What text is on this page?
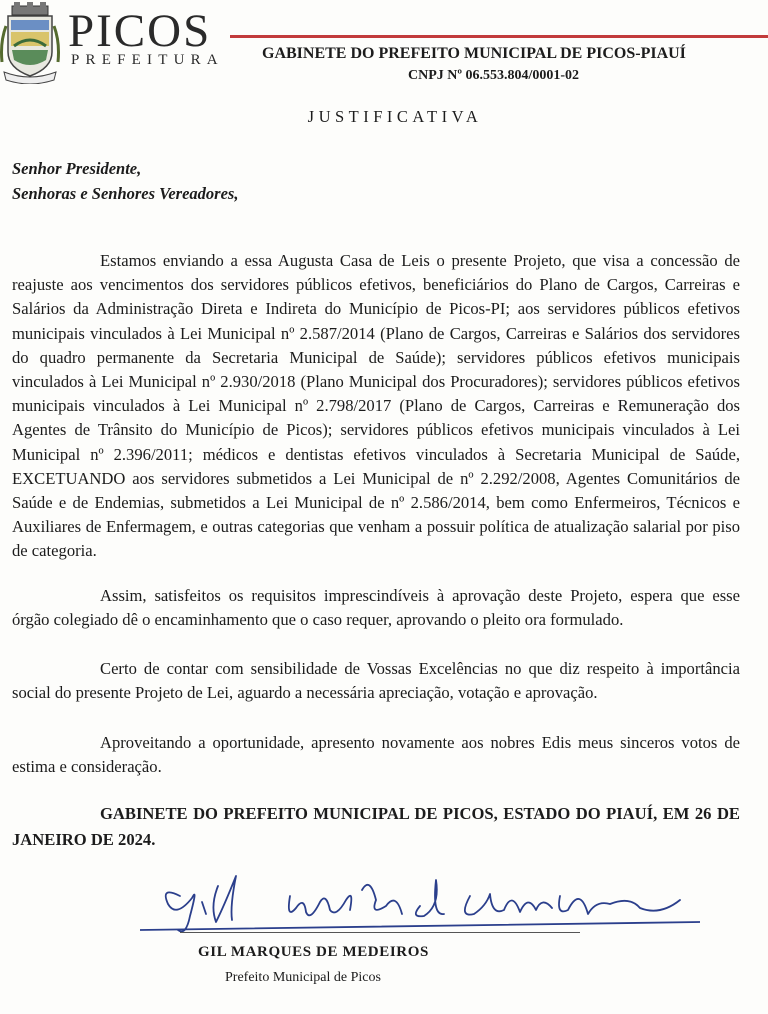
PICOS
PREFEITURA GABINETE DO PREFEITO MUNICIPAL DE PICOS-PIAUÍ
CNPJ Nº 06.553.804/0001-02
JUSTIFICATIVA
Senhor Presidente,
Senhoras e Senhores Vereadores,
Estamos enviando a essa Augusta Casa de Leis o presente Projeto, que visa a concessão de reajuste aos vencimentos dos servidores públicos efetivos, beneficiários do Plano de Cargos, Carreiras e Salários da Administração Direta e Indireta do Município de Picos-PI; aos servidores públicos efetivos municipais vinculados à Lei Municipal nº 2.587/2014 (Plano de Cargos, Carreiras e Salários dos servidores do quadro permanente da Secretaria Municipal de Saúde); servidores públicos efetivos municipais vinculados à Lei Municipal nº 2.930/2018 (Plano Municipal dos Procuradores); servidores públicos efetivos municipais vinculados à Lei Municipal nº 2.798/2017 (Plano de Cargos, Carreiras e Remuneração dos Agentes de Trânsito do Município de Picos); servidores públicos efetivos municipais vinculados à Lei Municipal nº 2.396/2011; médicos e dentistas efetivos vinculados à Secretaria Municipal de Saúde, EXCETUANDO aos servidores submetidos a Lei Municipal de nº 2.292/2008, Agentes Comunitários de Saúde e de Endemias, submetidos a Lei Municipal de nº 2.586/2014, bem como Enfermeiros, Técnicos e Auxiliares de Enfermagem, e outras categorias que venham a possuir política de atualização salarial por piso de categoria.
Assim, satisfeitos os requisitos imprescindíveis à aprovação deste Projeto, espera que esse órgão colegiado dê o encaminhamento que o caso requer, aprovando o pleito ora formulado.
Certo de contar com sensibilidade de Vossas Excelências no que diz respeito à importância social do presente Projeto de Lei, aguardo a necessária apreciação, votação e aprovação.
Aproveitando a oportunidade, apresento novamente aos nobres Edis meus sinceros votos de estima e consideração.
GABINETE DO PREFEITO MUNICIPAL DE PICOS, ESTADO DO PIAUÍ, EM 26 DE JANEIRO DE 2024.
GIL MARQUES DE MEDEIROS
Prefeito Municipal de Picos
